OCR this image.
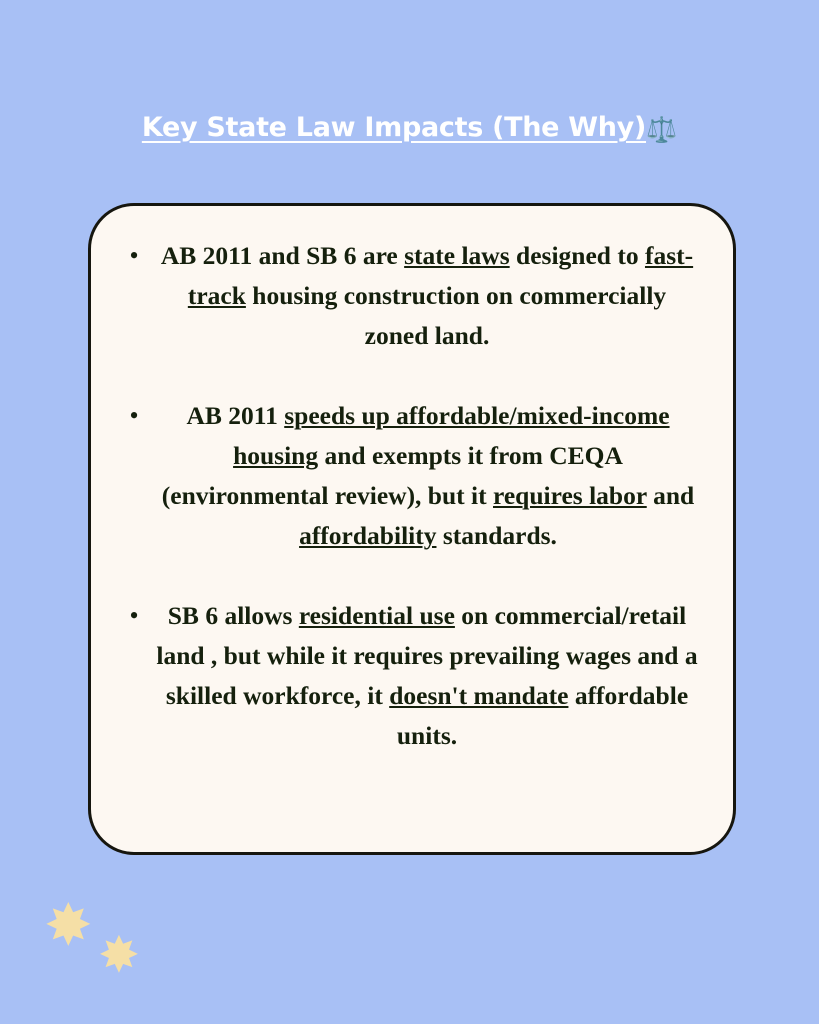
Key State Law Impacts (The Why)⚖️
• AB 2011 and SB 6 are state laws designed to fast-track housing construction on commercially zoned land.
•	AB 2011 speeds up affordable/mixed-income housing and exempts it from CEQA (environmental review), but it requires labor and affordability standards.
•	SB 6 allows residential use on commercial/retail land , but while it requires prevailing wages and a skilled workforce, it doesn't mandate affordable units.
✸ ✸
